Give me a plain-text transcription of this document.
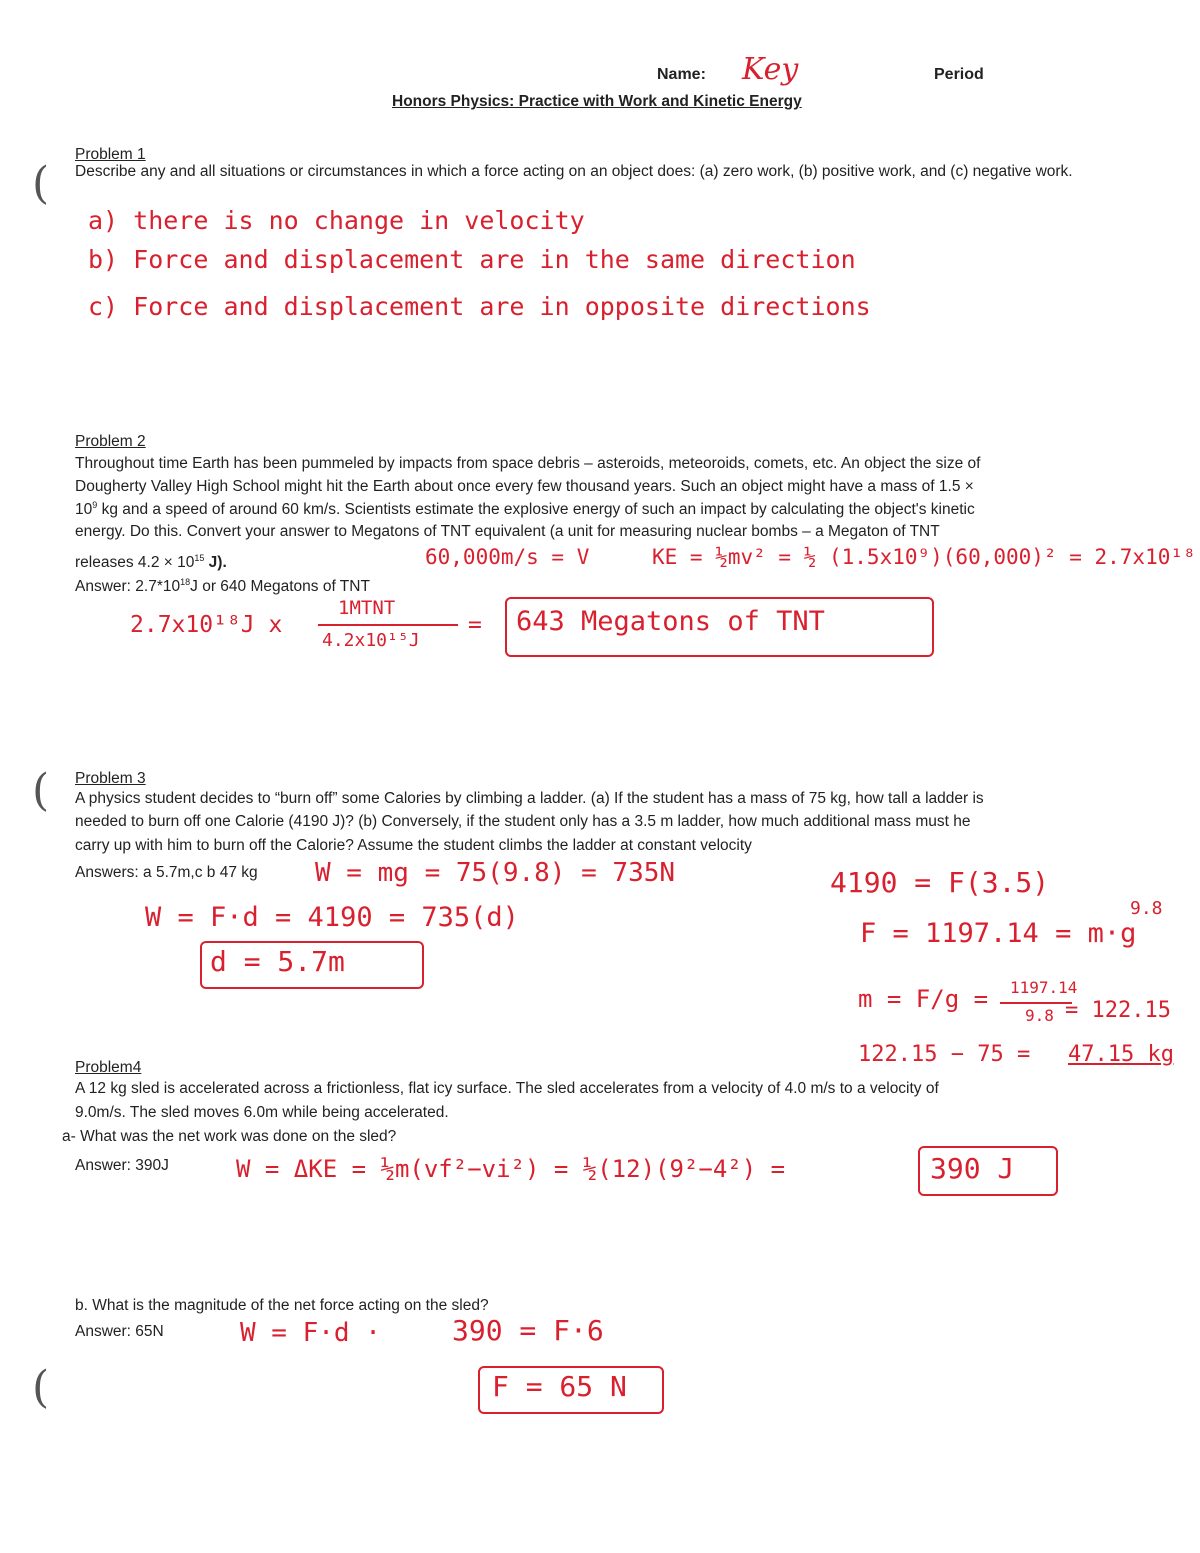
Name: Key	Period
Honors Physics: Practice with Work and Kinetic Energy
(
Problem 1
Describe any and all situations or circumstances in which a force acting on an object does: (a) zero work, (b) positive work, and (c) negative work.
a) there is no change in velocity
b) Force and displacement are in the same direction
c) Force and displacement are in opposite directions
Problem 2
Throughout time Earth has been pummeled by impacts from space debris – asteroids, meteoroids, comets, etc. An object the size of
Dougherty Valley High School might hit the Earth about once every few thousand years. Such an object might have a mass of 1.5 ×
$10^9$ kg and a speed of around 60 km/s. Scientists estimate the explosive energy of such an impact by calculating the object's kinetic
energy. Do this. Convert your answer to Megatons of TNT equivalent (a unit for measuring nuclear bombs – a Megaton of TNT
releases $4.2 \times 10^{15}$ J).
Answer: $2.7*10^{18}J$ or 640 Megatons of TNT
60,000m/s = V	KE = ½mv² = ½ (1.5x10⁹)(60,000)² = 2.7x10¹⁸
2.7x10¹⁸J x
1MTNT
4.2x10¹⁵J
= 643 Megatons of TNT
( Problem 3
A physics student decides to “burn off” some Calories by climbing a ladder. (a) If the student has a mass of 75 kg, how tall a ladder is
needed to burn off one Calorie (4190 J)? (b) Conversely, if the student only has a 3.5 m ladder, how much additional mass must he
carry up with him to burn off the Calorie? Assume the student climbs the ladder at constant velocity
Answers: a 5.7m,c b 47 kg W = mg = 75(9.8) = 735N
W = F·d = 4190 = 735(d)
d = 5.7m
4190 = F(3.5)
9.8
F = 1197.14 = m·g
m = F/g = 1197.14
9.8 = 122.15
122.15 − 75 = 47.15 kg
Problem4
A 12 kg sled is accelerated across a frictionless, flat icy surface. The sled accelerates from a velocity of 4.0 m/s to a velocity of
9.0m/s. The sled moves 6.0m while being accelerated.
a- What was the net work was done on the sled?
Answer: 390J	W = ΔKE = ½m(vf²−vi²) = ½(12)(9²−4²) =	390 J
b. What is the magnitude of the net force acting on the sled?
Answer: 65N	W = F·d ·	390 = F·6
F = 65 N
(
